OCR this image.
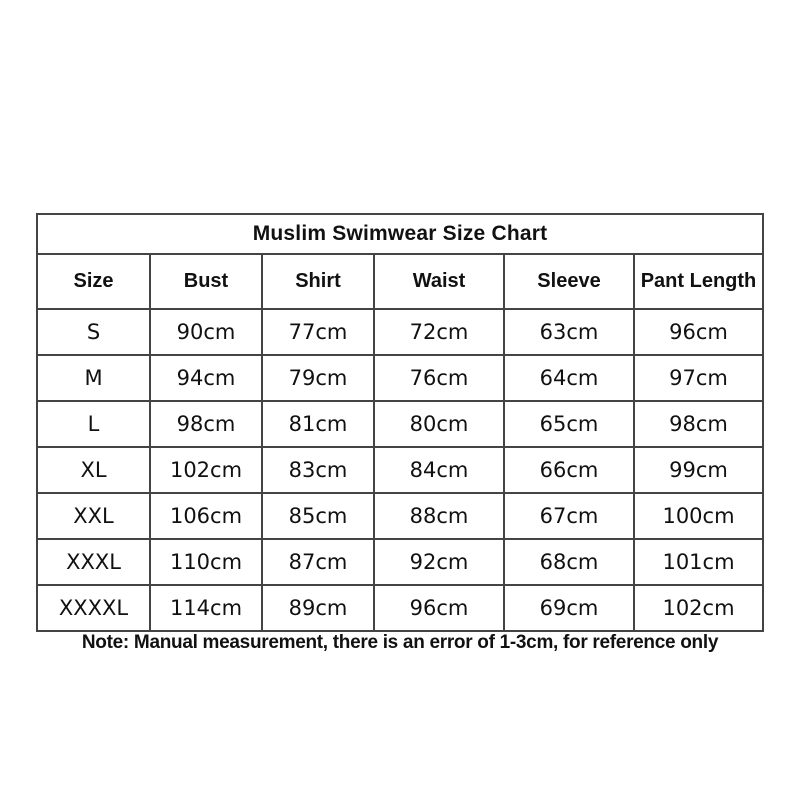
Muslim Swimwear Size Chart
Size	Bust	Shirt	Waist	Sleeve	Pant Length
S	90cm	77cm	72cm	63cm	96cm
M	94cm	79cm	76cm	64cm	97cm
L	98cm	81cm	80cm	65cm	98cm
XL	102cm	83cm	84cm	66cm	99cm
XXL	106cm	85cm	88cm	67cm	100cm
XXXL	110cm	87cm	92cm	68cm	101cm
XXXXL	114cm	89cm	96cm	69cm	102cm
Note: Manual measurement, there is an error of 1-3cm, for reference only
